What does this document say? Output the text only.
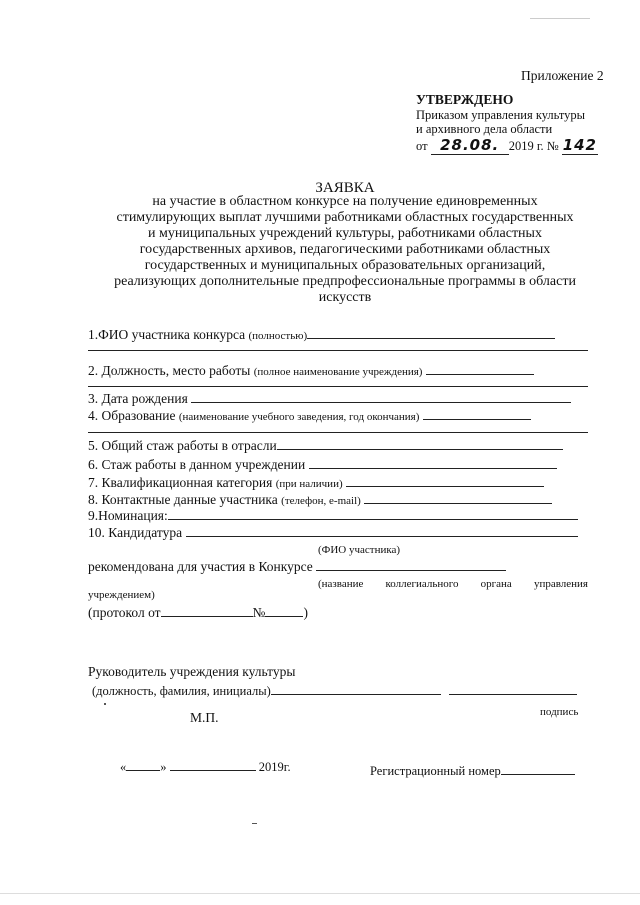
Приложение 2
УТВЕРЖДЕНО
Приказом управления культуры
и архивного дела области
от 28.08. 2019 г. № 142
ЗАЯВКА
на участие в областном конкурсе на получение единовременных
стимулирующих выплат лучшими работниками областных государственных
и муниципальных учреждений культуры, работниками областных
государственных архивов, педагогическими работниками областных
государственных и муниципальных образовательных организаций,
реализующих дополнительные предпрофессиональные программы в области
искусств
1.ФИО участника конкурса (полностью)
2. Должность, место работы (полное наименование учреждения)
3. Дата рождения
4. Образование (наименование учебного заведения, год окончания)
5. Общий стаж работы в отрасли
6. Стаж работы в данном учреждении
7. Квалификационная категория (при наличии)
8. Контактные данные участника (телефон, e-mail)
9.Номинация:
10. Кандидатура
(ФИО участника)
рекомендована для участия в Конкурсе
(название коллегиального органа управления
учреждением)
(протокол от	№	)
Руководитель учреждения культуры
(должность, фамилия, инициалы)
подпись
М.П.
«	»	2019г.	Регистрационный номер
